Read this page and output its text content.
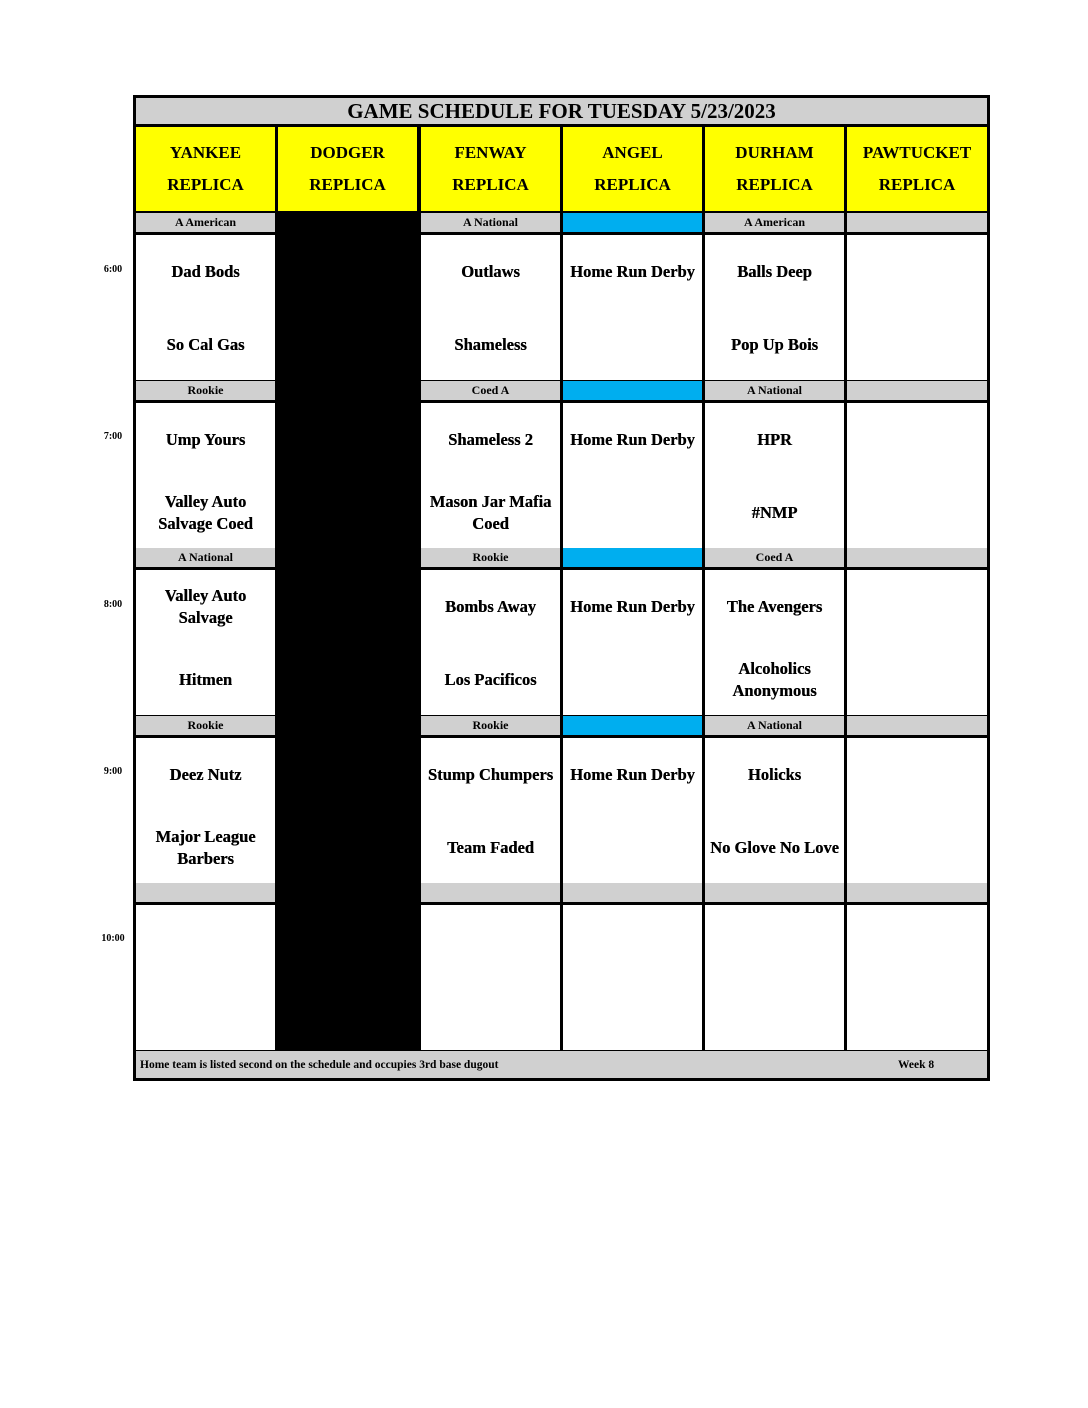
GAME SCHEDULE FOR TUESDAY 5/23/2023
YANKEE
REPLICA
DODGER
REPLICA
FENWAY
REPLICA
ANGEL
REPLICA
DURHAM
REPLICA
PAWTUCKET
REPLICA
A American
Dad Bods
So Cal Gas
A National
Outlaws
Shameless
Home Run Derby
A American
Balls Deep
Pop Up Bois
Rookie
Ump Yours
Valley Auto Salvage Coed
Coed A
Shameless 2
Mason Jar Mafia Coed
Home Run Derby
A National
HPR
#NMP
A National
Valley Auto Salvage
Hitmen
Rookie
Bombs Away
Los Pacificos
Home Run Derby
Coed A
The Avengers
Alcoholics Anonymous
Rookie
Deez Nutz
Major League Barbers
Rookie
Stump Chumpers
Team Faded
Home Run Derby
A National
Holicks
No Glove No Love
Home team is listed second on the schedule and occupies 3rd base dugout	Week 8
6:00
7:00
8:00
9:00
10:00
